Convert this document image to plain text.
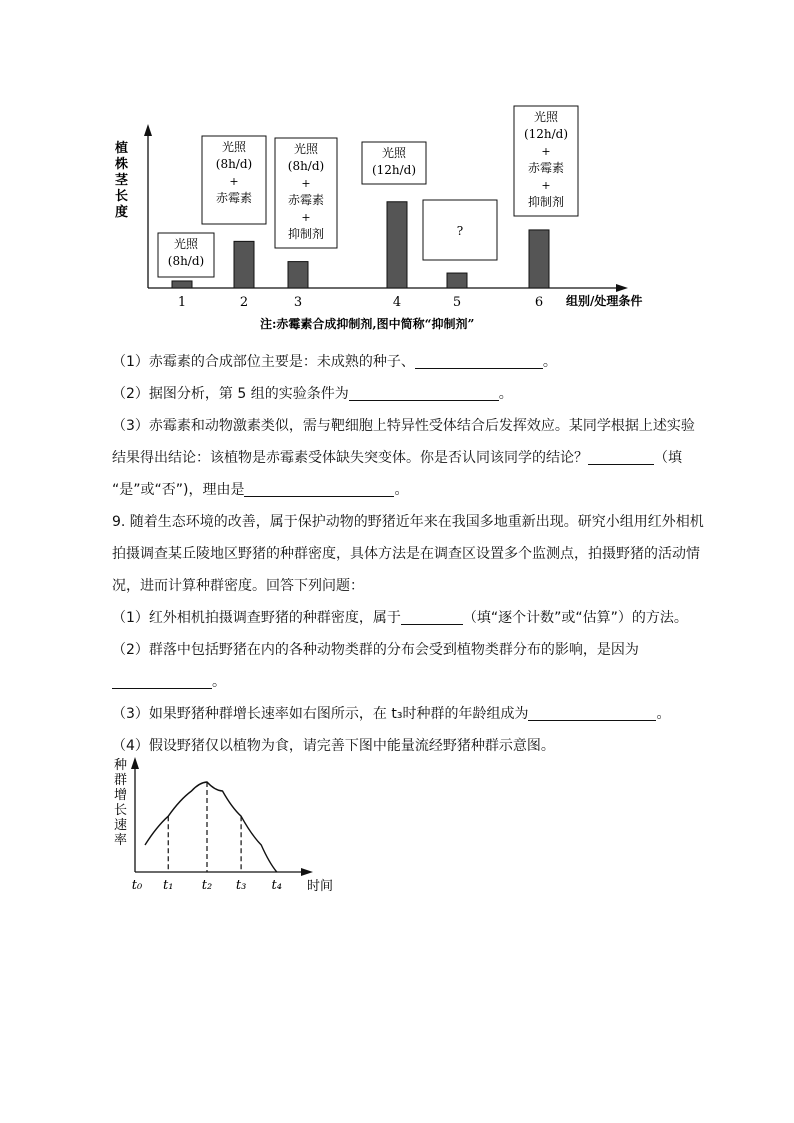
植
株
茎
长
度
组别/处理条件
1
光照
(8h/d)
2
光照
(8h/d)
+
赤霉素
3
光照
(8h/d)
+
赤霉素
+
抑制剂
4
光照
(12h/d)
5
?
6
光照
(12h/d)
+
赤霉素
+
抑制剂
注:赤霉素合成抑制剂,图中简称“抑制剂”
（1）赤霉素的合成部位主要是：未成熟的种子、	。
（2）据图分析，第 5 组的实验条件为	。
（3）赤霉素和动物激素类似，需与靶细胞上特异性受体结合后发挥效应。某同学根据上述实验
结果得出结论：该植物是赤霉素受体缺失突变体。你是否认同该同学的结论？	（填
“是”或“否”)，理由是	。
9. 随着生态环境的改善，属于保护动物的野猪近年来在我国多地重新出现。研究小组用红外相机
拍摄调查某丘陵地区野猪的种群密度，具体方法是在调查区设置多个监测点，拍摄野猪的活动情
况，进而计算种群密度。回答下列问题：
（1）红外相机拍摄调查野猪的种群密度，属于	（填“逐个计数”或“估算”）的方法。
（2）群落中包括野猪在内的各种动物类群的分布会受到植物类群分布的影响，是因为
。
（3）如果野猪种群增长速率如右图所示，在 t₃时种群的年龄组成为	。
（4）假设野猪仅以植物为食，请完善下图中能量流经野猪种群示意图。
种
群
增
长
速
率
t₀ t₁ t₂ t₃ t₄ 时间
